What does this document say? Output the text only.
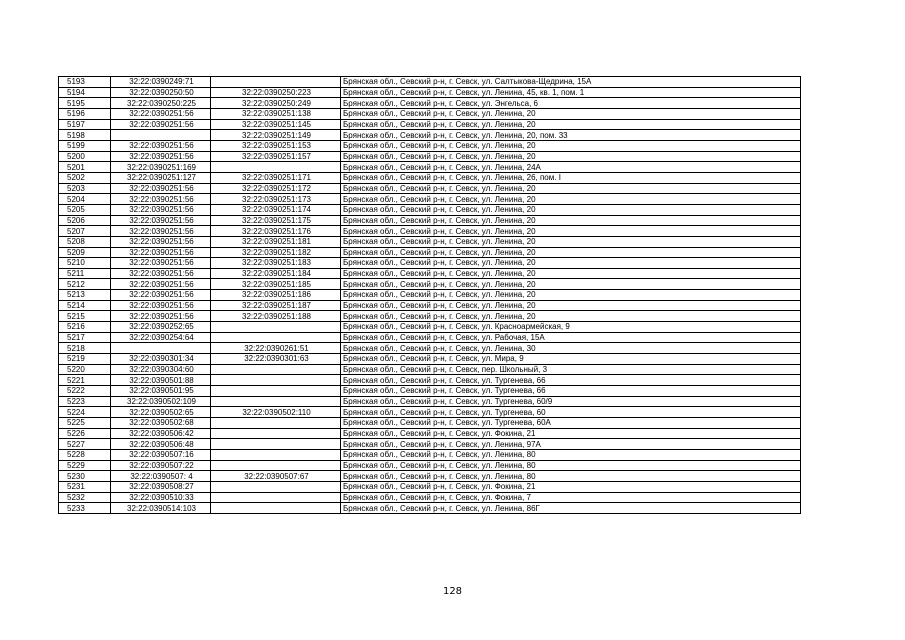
5193	32:22:0390249:71		Брянская обл., Севский р-н, г. Севск, ул. Салтыкова-Щедрина, 15А
5194	32:22:0390250:50	32:22:0390250:223	Брянская обл., Севский р-н, г. Севск, ул. Ленина, 45, кв. 1, пом. 1
5195	32:22:0390250:225	32:22:0390250:249	Брянская обл., Севский р-н, г. Севск, ул. Энгельса, 6
5196	32:22:0390251:56	32:22:0390251:138	Брянская обл., Севский р-н, г. Севск, ул. Ленина, 20
5197	32:22:0390251:56	32:22:0390251:145	Брянская обл., Севский р-н, г. Севск, ул. Ленина, 20
5198		32:22:0390251:149	Брянская обл., Севский р-н, г. Севск, ул. Ленина, 20, пом. 33
5199	32:22:0390251:56	32:22:0390251:153	Брянская обл., Севский р-н, г. Севск, ул. Ленина, 20
5200	32:22:0390251:56	32:22:0390251:157	Брянская обл., Севский р-н, г. Севск, ул. Ленина, 20
5201	32:22:0390251:169		Брянская обл., Севский р-н, г. Севск, ул. Ленина, 24А
5202	32:22:0390251:127	32:22:0390251:171	Брянская обл., Севский р-н, г. Севск, ул. Ленина, 26, пом. I
5203	32:22:0390251:56	32:22:0390251:172	Брянская обл., Севский р-н, г. Севск, ул. Ленина, 20
5204	32:22:0390251:56	32:22:0390251:173	Брянская обл., Севский р-н, г. Севск, ул. Ленина, 20
5205	32:22:0390251:56	32:22:0390251:174	Брянская обл., Севский р-н, г. Севск, ул. Ленина, 20
5206	32:22:0390251:56	32:22:0390251:175	Брянская обл., Севский р-н, г. Севск, ул. Ленина, 20
5207	32:22:0390251:56	32:22:0390251:176	Брянская обл., Севский р-н, г. Севск, ул. Ленина, 20
5208	32:22:0390251:56	32:22:0390251:181	Брянская обл., Севский р-н, г. Севск, ул. Ленина, 20
5209	32:22:0390251:56	32:22:0390251:182	Брянская обл., Севский р-н, г. Севск, ул. Ленина, 20
5210	32:22:0390251:56	32:22:0390251:183	Брянская обл., Севский р-н, г. Севск, ул. Ленина, 20
5211	32:22:0390251:56	32:22:0390251:184	Брянская обл., Севский р-н, г. Севск, ул. Ленина, 20
5212	32:22:0390251:56	32:22:0390251:185	Брянская обл., Севский р-н, г. Севск, ул. Ленина, 20
5213	32:22:0390251:56	32:22:0390251:186	Брянская обл., Севский р-н, г. Севск, ул. Ленина, 20
5214	32:22:0390251:56	32:22:0390251:187	Брянская обл., Севский р-н, г. Севск, ул. Ленина, 20
5215	32:22:0390251:56	32:22:0390251:188	Брянская обл., Севский р-н, г. Севск, ул. Ленина, 20
5216	32:22:0390252:65		Брянская обл., Севский р-н, г. Севск, ул. Красноармейская, 9
5217	32:22:0390254:64		Брянская обл., Севский р-н, г. Севск, ул. Рабочая, 15А
5218		32:22:0390261:51	Брянская обл., Севский р-н, г. Севск, ул. Ленина, 30
5219	32:22:0390301:34	32:22:0390301:63	Брянская обл., Севский р-н, г. Севск, ул. Мира, 9
5220	32:22:0390304:60		Брянская обл., Севский р-н, г. Севск, пер. Школьный, 3
5221	32:22:0390501:88		Брянская обл., Севский р-н, г. Севск, ул. Тургенева, 66
5222	32:22:0390501:95		Брянская обл., Севский р-н, г. Севск, ул. Тургенева, 66
5223	32:22:0390502:109		Брянская обл., Севский р-н, г. Севск, ул. Тургенева, 60/9
5224	32:22:0390502:65	32:22:0390502:110	Брянская обл., Севский р-н, г. Севск, ул. Тургенева, 60
5225	32:22:0390502:68		Брянская обл., Севский р-н, г. Севск, ул. Тургенева, 60А
5226	32:22:0390506:42		Брянская обл., Севский р-н, г. Севск, ул. Фокина, 21
5227	32:22:0390506:48		Брянская обл., Севский р-н, г. Севск, ул. Ленина, 97А
5228	32:22:0390507:16		Брянская обл., Севский р-н, г. Севск, ул. Ленина, 80
5229	32:22:0390507:22		Брянская обл., Севский р-н, г. Севск, ул. Ленина, 80
5230	32:22:0390507: 4	32:22:0390507:67	Брянская обл., Севский р-н, г. Севск, ул. Ленина, 80
5231	32:22:0390508:27		Брянская обл., Севский р-н, г. Севск, ул. Фокина, 21
5232	32:22:0390510:33		Брянская обл., Севский р-н, г. Севск, ул. Фокина, 7
5233	32:22:0390514:103		Брянская обл., Севский р-н, г. Севск, ул. Ленина, 86Г
128
